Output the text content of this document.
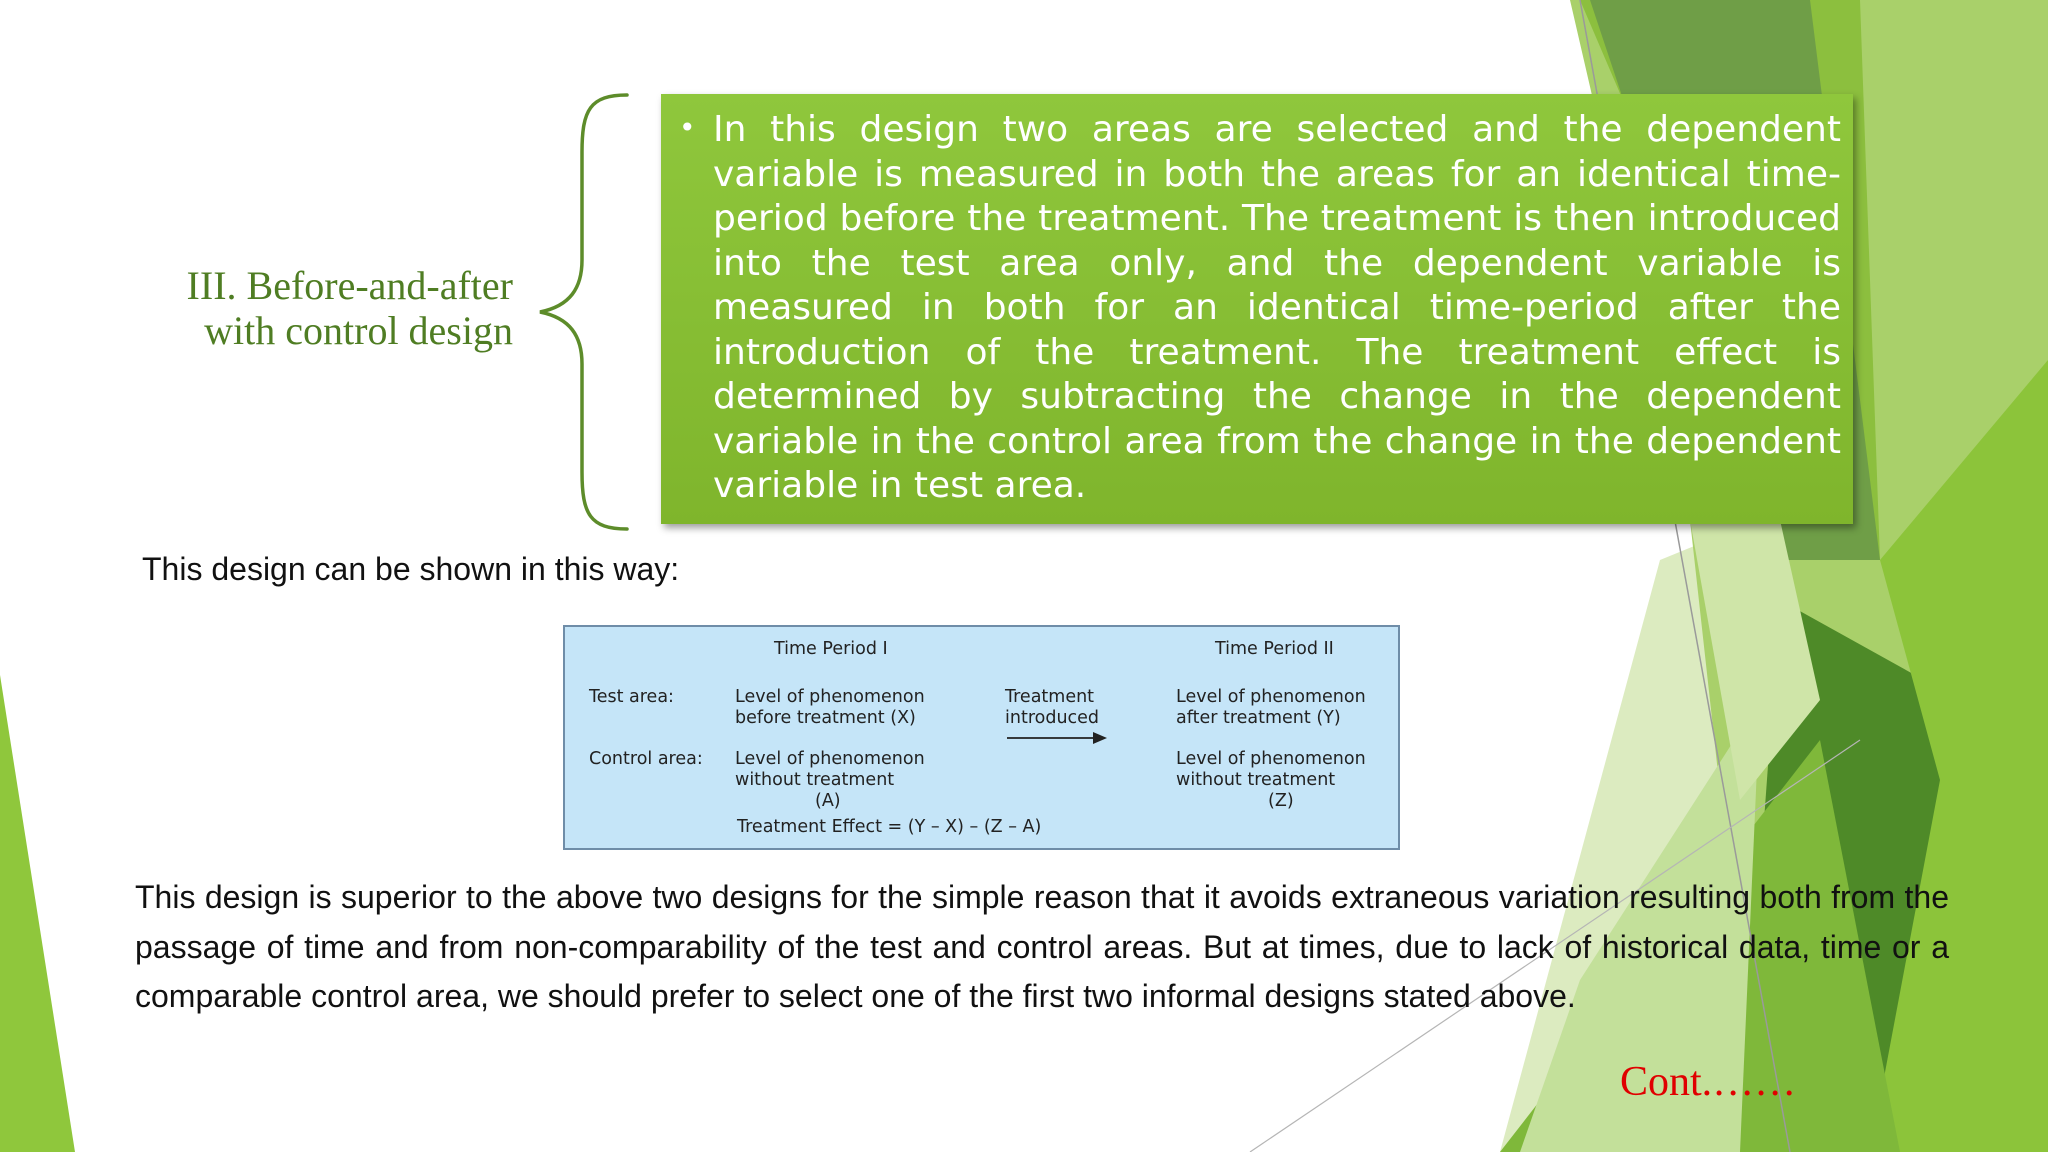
III. Before-and-after
with control design
• In this design two areas are selected and the dependent variable is measured in both the areas for an identical time-period before the treatment. The treatment is then introduced into the test area only, and the dependent variable is measured in both for an identical time-period after the introduction of the treatment. The treatment effect is determined by subtracting the change in the dependent variable in the control area from the change in the dependent variable in test area.

This design can be shown in this way:

Time Period I	Time Period II
Test area:	Level of phenomenon
before treatment (X)
Treatment
introduced
Level of phenomenon
after treatment (Y)
Control area: Level of phenomenon
without treatment
(A)
Level of phenomenon
without treatment
(Z)
Treatment Effect = (Y – X) – (Z – A)

This design is superior to the above two designs for the simple reason that it avoids extraneous variation resulting both from the passage of time and from non-comparability of the test and control areas. But at times, due to lack of historical data, time or a comparable control area, we should prefer to select one of the first two informal designs stated above.

Cont.……
